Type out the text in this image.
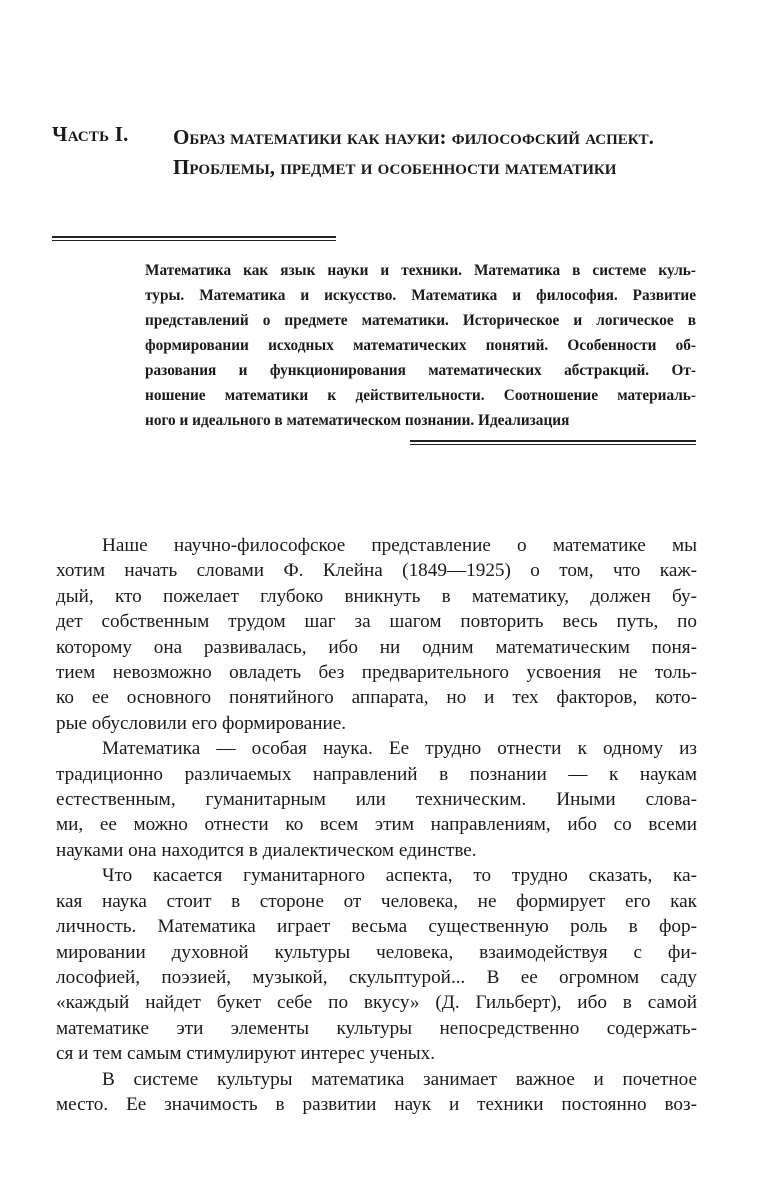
Часть I. Образ математики как науки: философский аспект.
Проблемы, предмет и особенности математики
Математика как язык науки и техники. Математика в системе куль-
туры. Математика и искусство. Математика и философия. Развитие
представлений о предмете математики. Историческое и логическое в
формировании исходных математических понятий. Особенности об-
разования и функционирования математических абстракций. От-
ношение математики к действительности. Соотношение материаль-
ного и идеального в математическом познании. Идеализация
Наше научно-философское представление о математике мы
хотим начать словами Ф. Клейна (1849—1925) о том, что каж-
дый, кто пожелает глубоко вникнуть в математику, должен бу-
дет собственным трудом шаг за шагом повторить весь путь, по
которому она развивалась, ибо ни одним математическим поня-
тием невозможно овладеть без предварительного усвоения не толь-
ко ее основного понятийного аппарата, но и тех факторов, кото-
рые обусловили его формирование.
Математика — особая наука. Ее трудно отнести к одному из
традиционно различаемых направлений в познании — к наукам
естественным, гуманитарным или техническим. Иными слова-
ми, ее можно отнести ко всем этим направлениям, ибо со всеми
науками она находится в диалектическом единстве.
Что касается гуманитарного аспекта, то трудно сказать, ка-
кая наука стоит в стороне от человека, не формирует его как
личность. Математика играет весьма существенную роль в фор-
мировании духовной культуры человека, взаимодействуя с фи-
лософией, поэзией, музыкой, скульптурой... В ее огромном саду
«каждый найдет букет себе по вкусу» (Д. Гильберт), ибо в самой
математике эти элементы культуры непосредственно содержать-
ся и тем самым стимулируют интерес ученых.
В системе культуры математика занимает важное и почетное
место. Ее значимость в развитии наук и техники постоянно воз-
